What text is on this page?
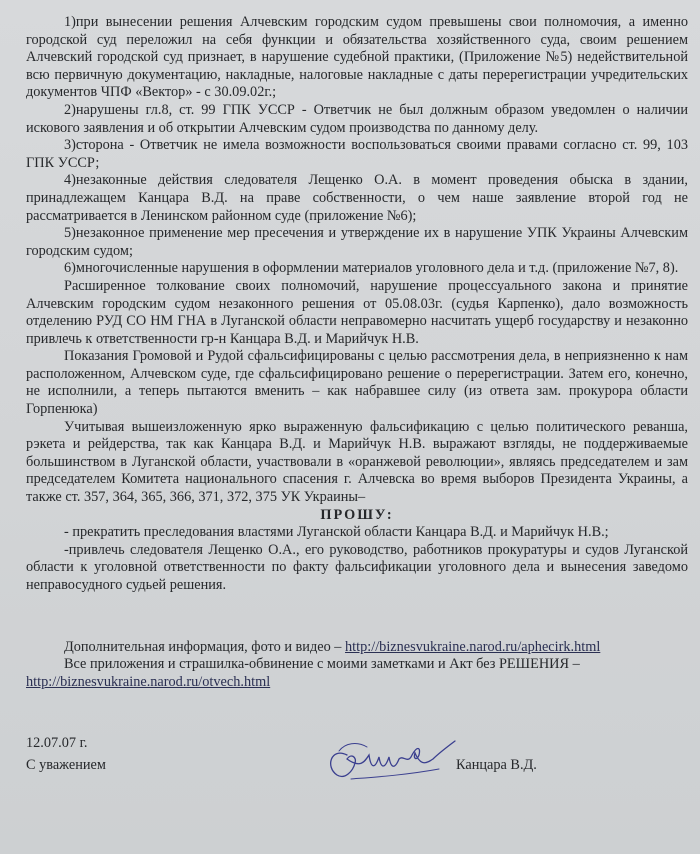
1)при вынесении решения Алчевским городским судом превышены свои полномочия, а именно городской суд переложил на себя функции и обязательства хозяйственного суда, своим решением Алчевский городской суд признает, в нарушение судебной практики, (Приложение №5) недействительной всю первичную документацию, накладные, налоговые накладные с даты перерегистрации учредительских документов ЧПФ «Вектор» - с 30.09.02г.;

2)нарушены гл.8, ст. 99 ГПК УССР - Ответчик не был должным образом уведомлен о наличии искового заявления и об открытии Алчевским судом производства по данному делу.

3)сторона - Ответчик не имела возможности воспользоваться своими правами согласно ст. 99, 103 ГПК УССР;

4)незаконные действия следователя Лещенко О.А. в момент проведения обыска в здании, принадлежащем Канцара В.Д. на праве собственности, о чем наше заявление второй год не рассматривается в Ленинском районном суде (приложение №6);

5)незаконное применение мер пресечения и утверждение их в нарушение УПК Украины Алчевским городским судом;

6)многочисленные нарушения в оформлении материалов уголовного дела и т.д. (приложение №7, 8).

Расширенное толкование своих полномочий, нарушение процессуального закона и принятие Алчевским городским судом незаконного решения от 05.08.03г. (судья Карпенко), дало возможность отделению РУД СО НМ ГНА в Луганской области неправомерно насчитать ущерб государству и незаконно привлечь к ответственности гр-н Канцара В.Д. и Марийчук Н.В.

Показания Громовой и Рудой сфальсифицированы с целью рассмотрения дела, в неприязненно к нам расположенном, Алчевском суде, где сфальсифицировано решение о перерегистрации. Затем его, конечно, не исполнили, а теперь пытаются вменить – как набравшее силу (из ответа зам. прокурора области Горпенюка)

Учитывая вышеизложенную ярко выраженную фальсификацию с целью политического реванша, рэкета и рейдерства, так как Канцара В.Д. и Марийчук Н.В. выражают взгляды, не поддерживаемые большинством в Луганской области, участвовали в «оранжевой революции», являясь председателем и зам председателем Комитета национального спасения г. Алчевска во время выборов Президента Украины, а также ст. 357, 364, 365, 366, 371, 372, 375 УК Украины–

ПРОШУ:

- прекратить преследования властями Луганской области Канцара В.Д. и Марийчук Н.В.;

-привлечь следователя Лещенко О.А., его руководство, работников прокуратуры и судов Луганской области к уголовной ответственности по факту фальсификации уголовного дела и вынесения заведомо неправосудного судьей решения.

Дополнительная информация, фото и видео – http://biznesvukraine.narod.ru/aphecirk.html

Все приложения и страшилка-обвинение с моими заметками и Акт без РЕШЕНИЯ –

http://biznesvukraine.narod.ru/otvech.html

12.07.07 г.
С уважением	Канцара В.Д.
